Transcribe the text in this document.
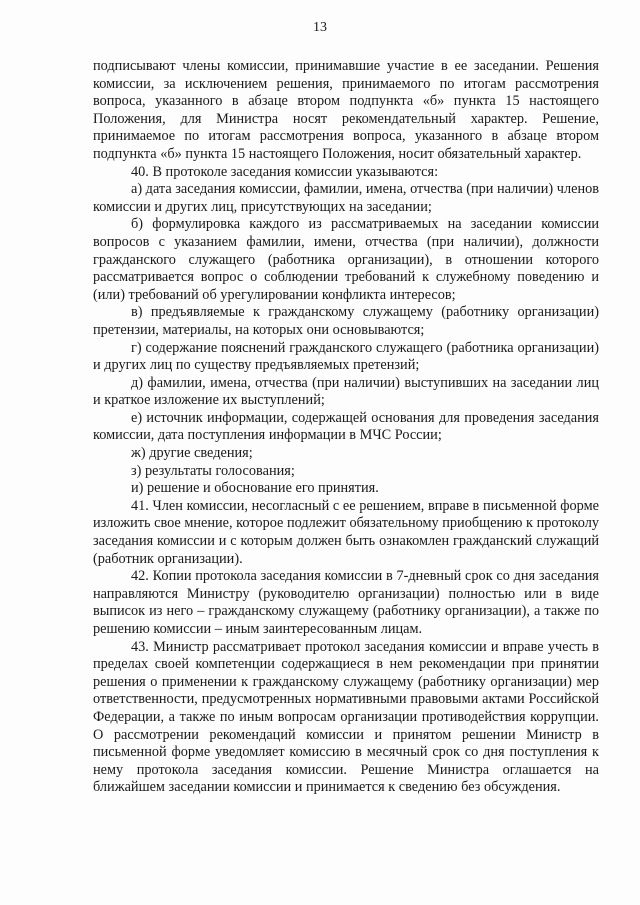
13

подписывают члены комиссии, принимавшие участие в ее заседании. Решения комиссии, за исключением решения, принимаемого по итогам рассмотрения вопроса, указанного в абзаце втором подпункта «б» пункта 15 настоящего Положения, для Министра носят рекомендательный характер. Решение, принимаемое по итогам рассмотрения вопроса, указанного в абзаце втором подпункта «б» пункта 15 настоящего Положения, носит обязательный характер.

40. В протоколе заседания комиссии указываются:

а) дата заседания комиссии, фамилии, имена, отчества (при наличии) членов комиссии и других лиц, присутствующих на заседании;

б) формулировка каждого из рассматриваемых на заседании комиссии вопросов с указанием фамилии, имени, отчества (при наличии), должности гражданского служащего (работника организации), в отношении которого рассматривается вопрос о соблюдении требований к служебному поведению и (или) требований об урегулировании конфликта интересов;

в) предъявляемые к гражданскому служащему (работнику организации) претензии, материалы, на которых они основываются;

г) содержание пояснений гражданского служащего (работника организации) и других лиц по существу предъявляемых претензий;

д) фамилии, имена, отчества (при наличии) выступивших на заседании лиц и краткое изложение их выступлений;

е) источник информации, содержащей основания для проведения заседания комиссии, дата поступления информации в МЧС России;

ж) другие сведения;

з) результаты голосования;

и) решение и обоснование его принятия.

41. Член комиссии, несогласный с ее решением, вправе в письменной форме изложить свое мнение, которое подлежит обязательному приобщению к протоколу заседания комиссии и с которым должен быть ознакомлен гражданский служащий (работник организации).

42. Копии протокола заседания комиссии в 7-дневный срок со дня заседания направляются Министру (руководителю организации) полностью или в виде выписок из него – гражданскому служащему (работнику организации), а также по решению комиссии – иным заинтересованным лицам.

43. Министр рассматривает протокол заседания комиссии и вправе учесть в пределах своей компетенции содержащиеся в нем рекомендации при принятии решения о применении к гражданскому служащему (работнику организации) мер ответственности, предусмотренных нормативными правовыми актами Российской Федерации, а также по иным вопросам организации противодействия коррупции. О рассмотрении рекомендаций комиссии и принятом решении Министр в письменной форме уведомляет комиссию в месячный срок со дня поступления к нему протокола заседания комиссии. Решение Министра оглашается на ближайшем заседании комиссии и принимается к сведению без обсуждения.
